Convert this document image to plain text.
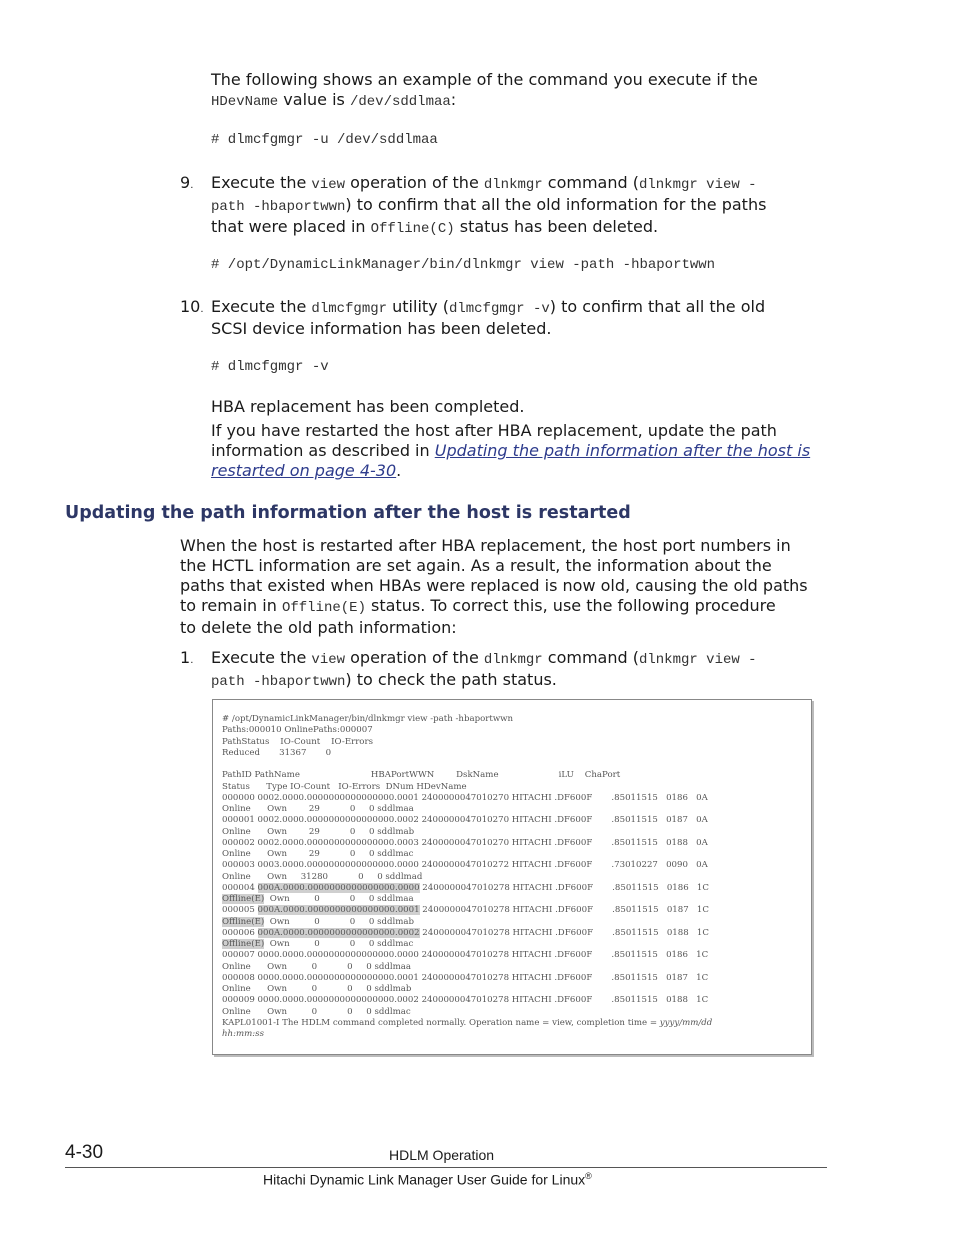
The following shows an example of the command you execute if the
HDevName value is /dev/sddlmaa:
# dlmcfgmgr -u /dev/sddlmaa
9.	Execute the view operation of the dlnkmgr command (dlnkmgr view -
path -hbaportwwn) to confirm that all the old information for the paths
that were placed in Offline(C) status has been deleted.
# /opt/DynamicLinkManager/bin/dlnkmgr view -path -hbaportwwn
10. Execute the dlmcfgmgr utility (dlmcfgmgr -v) to confirm that all the old
SCSI device information has been deleted.
# dlmcfgmgr -v
HBA replacement has been completed.
If you have restarted the host after HBA replacement, update the path
information as described in Updating the path information after the host is
restarted on page 4-30.
Updating the path information after the host is restarted
When the host is restarted after HBA replacement, the host port numbers in
the HCTL information are set again. As a result, the information about the
paths that existed when HBAs were replaced is now old, causing the old paths
to remain in Offline(E) status. To correct this, use the following procedure
to delete the old path information:
1.	Execute the view operation of the dlnkmgr command (dlnkmgr view -
path -hbaportwwn) to check the path status.
# /opt/DynamicLinkManager/bin/dlnkmgr view -path -hbaportwwn
Paths:000010 OnlinePaths:000007
PathStatus    IO-Count    IO-Errors
Reduced       31367       0

PathID PathName                          HBAPortWWN        DskName                      iLU    ChaPort
Status      Type IO-Count   IO-Errors  DNum HDevName
000000 0002.0000.0000000000000000.0001 2400000047010270 HITACHI .DF600F       .85011515   0186   0A
Online      Own        29           0     0 sddlmaa
000001 0002.0000.0000000000000000.0002 2400000047010270 HITACHI .DF600F       .85011515   0187   0A
Online      Own        29           0     0 sddlmab
000002 0002.0000.0000000000000000.0003 2400000047010270 HITACHI .DF600F       .85011515   0188   0A
Online      Own        29           0     0 sddlmac
000003 0003.0000.0000000000000000.0000 2400000047010272 HITACHI .DF600F       .73010227   0090   0A
Online      Own     31280           0     0 sddlmad
000004 000A.0000.0000000000000000.0000 2400000047010278 HITACHI .DF600F       .85011515   0186   1C
Offline(E)  Own         0           0     0 sddlmaa
000005 000A.0000.0000000000000000.0001 2400000047010278 HITACHI .DF600F       .85011515   0187   1C
Offline(E)  Own         0           0     0 sddlmab
000006 000A.0000.0000000000000000.0002 2400000047010278 HITACHI .DF600F       .85011515   0188   1C
Offline(E)  Own         0           0     0 sddlmac
000007 0000.0000.0000000000000000.0000 2400000047010278 HITACHI .DF600F       .85011515   0186   1C
Online      Own         0           0     0 sddlmaa
000008 0000.0000.0000000000000000.0001 2400000047010278 HITACHI .DF600F       .85011515   0187   1C
Online      Own         0           0     0 sddlmab
000009 0000.0000.0000000000000000.0002 2400000047010278 HITACHI .DF600F       .85011515   0188   1C
Online      Own         0           0     0 sddlmac
KAPL01001-I The HDLM command completed normally. Operation name = view, completion time = yyyy/mm/dd
hh:mm:ss
4-30	HDLM Operation
Hitachi Dynamic Link Manager User Guide for Linux®
